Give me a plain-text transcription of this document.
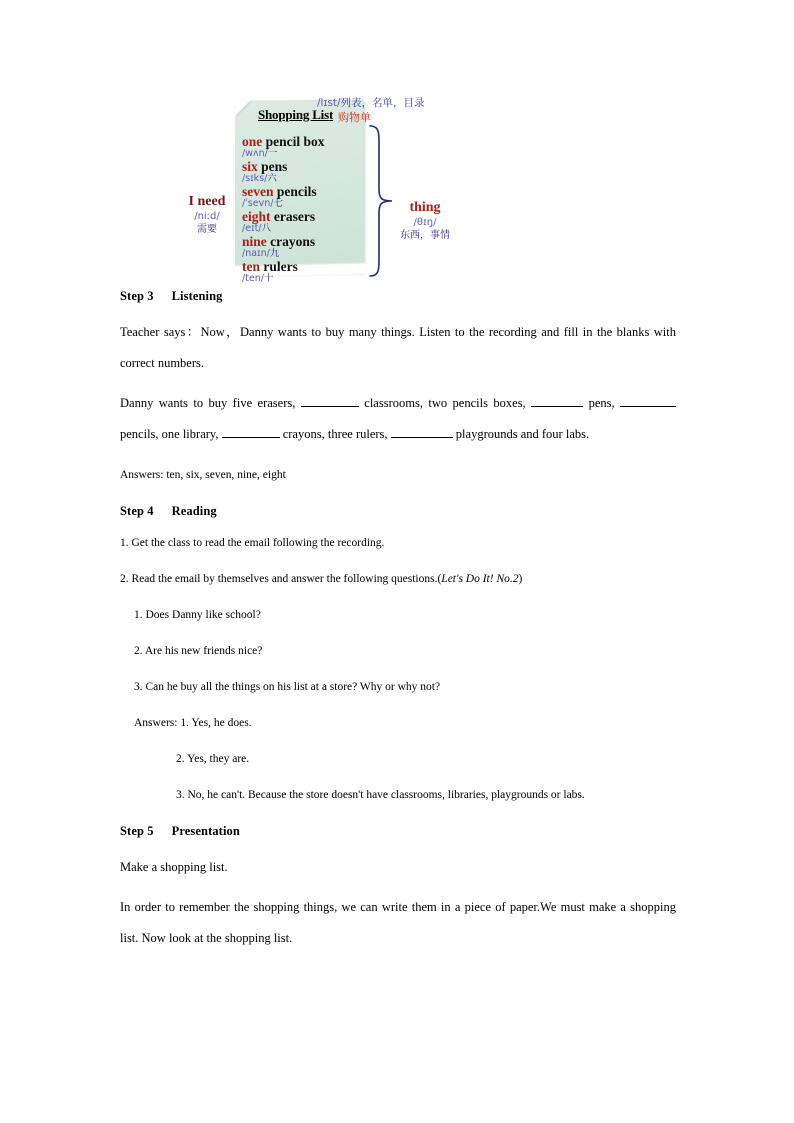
/lɪst/列表，名单，目录
Shopping List 购物单
one pencil box
/wʌn/一
six pens
/sɪks/六
seven pencils
/ˈsevn/七
eight erasers
/eɪt/八
nine crayons
/naɪn/九
ten rulers
/ten/十
I need
/niːd/
需要
thing
/θɪŋ/
东西，事情
Step 3 Listening

Teacher says：Now，Danny wants to buy many things. Listen to the recording and fill in the blanks with correct numbers.

Danny wants to buy five erasers,	classrooms, two pencils boxes,	pens,  pencils, one library,	crayons, three rulers,	playgrounds and four labs.

Answers: ten, six, seven, nine, eight

Step 4 Reading

1. Get the class to read the email following the recording.

2. Read the email by themselves and answer the following questions.(Let's Do It! No.2)

1. Does Danny like school?

2. Are his new friends nice?

3. Can he buy all the things on his list at a store? Why or why not?

Answers: 1. Yes, he does.

2. Yes, they are.

3. No, he can't. Because the store doesn't have classrooms, libraries, playgrounds or labs.

Step 5 Presentation

Make a shopping list.

In order to remember the shopping things, we can write them in a piece of paper.We must make a shopping list. Now look at the shopping list.
